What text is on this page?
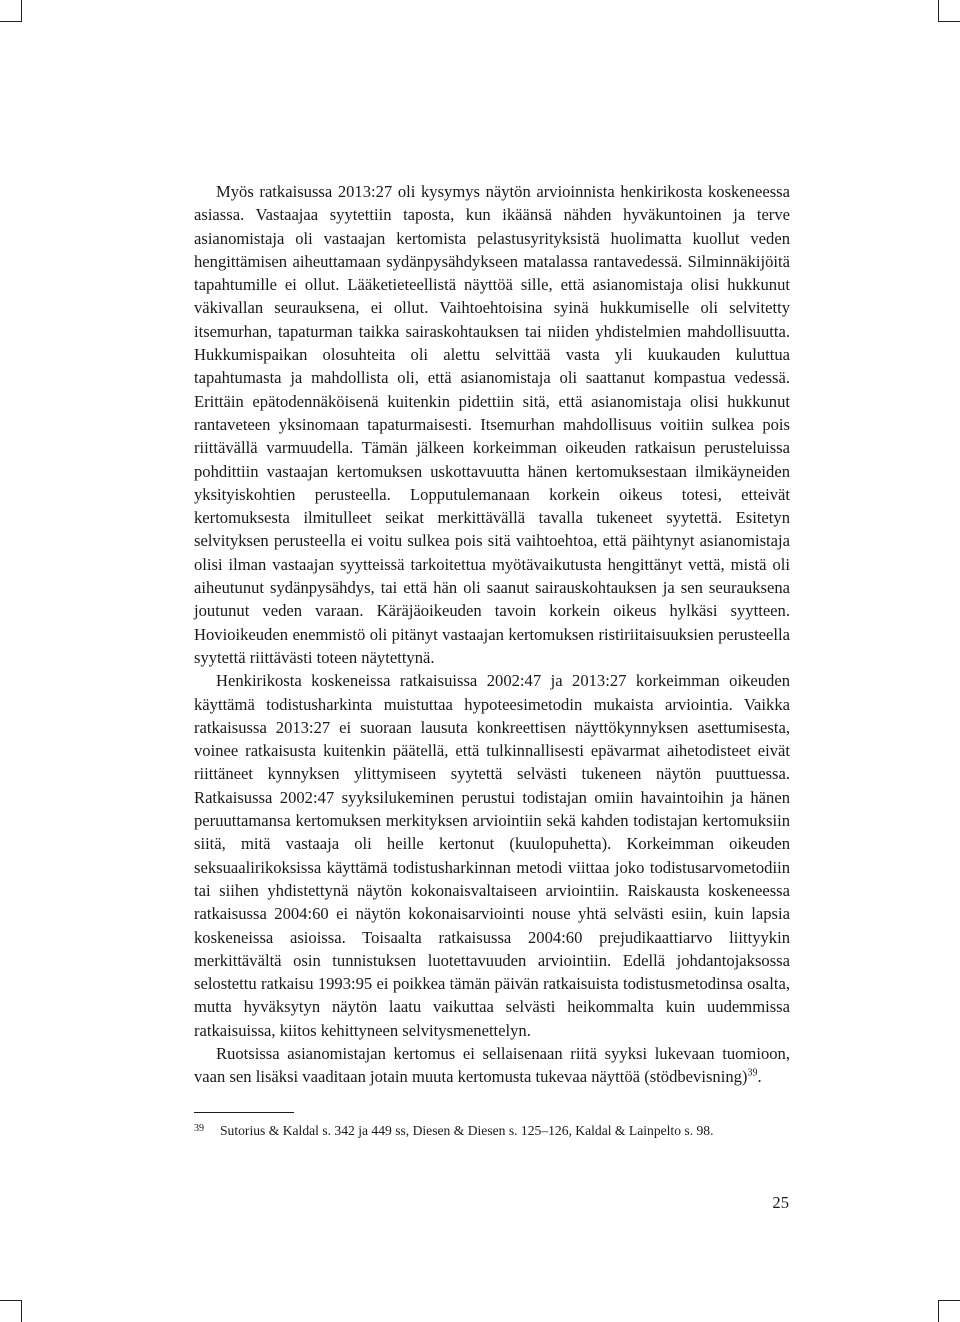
Myös ratkaisussa 2013:27 oli kysymys näytön arvioinnista henkirikosta koskeneessa asiassa. Vastaajaa syytettiin taposta, kun ikäänsä nähden hyväkuntoinen ja terve asianomistaja oli vastaajan kertomista pelastusyrityksistä huolimatta kuollut veden hengittämisen aiheuttamaan sydänpysähdykseen matalassa rantavedessä. Silminnäkijöitä tapahtumille ei ollut. Lääketieteellistä näyttöä sille, että asianomistaja olisi hukkunut väkivallan seurauksena, ei ollut. Vaihtoehtoisina syinä hukkumiselle oli selvitetty itsemurhan, tapaturman taikka sairaskohtauksen tai niiden yhdistelmien mahdollisuutta. Hukkumispaikan olosuhteita oli alettu selvittää vasta yli kuukauden kuluttua tapahtumasta ja mahdollista oli, että asianomistaja oli saattanut kompastua vedessä. Erittäin epätodennäköisenä kuitenkin pidettiin sitä, että asianomistaja olisi hukkunut rantaveteen yksinomaan tapaturmaisesti. Itsemurhan mahdollisuus voitiin sulkea pois riittävällä varmuudella. Tämän jälkeen korkeimman oikeuden ratkaisun perusteluissa pohdittiin vastaajan kertomuksen uskottavuutta hänen kertomuksestaan ilmikäyneiden yksityiskohtien perusteella. Lopputulemanaan korkein oikeus totesi, etteivät kertomuksesta ilmitulleet seikat merkittävällä tavalla tukeneet syytettä. Esitetyn selvityksen perusteella ei voitu sulkea pois sitä vaihtoehtoa, että päihtynyt asianomistaja olisi ilman vastaajan syytteissä tarkoitettua myötävaikutusta hengittänyt vettä, mistä oli aiheutunut sydänpysähdys, tai että hän oli saanut sairauskohtauksen ja sen seurauksena joutunut veden varaan. Käräjäoikeuden tavoin korkein oikeus hylkäsi syytteen. Hovioikeuden enemmistö oli pitänyt vastaajan kertomuksen ristiriitaisuuksien perusteella syytettä riittävästi toteen näytettynä.

Henkirikosta koskeneissa ratkaisuissa 2002:47 ja 2013:27 korkeimman oikeuden käyttämä todistusharkinta muistuttaa hypoteesimetodin mukaista arviointia. Vaikka ratkaisussa 2013:27 ei suoraan lausuta konkreettisen näyttökynnyksen asettumisesta, voinee ratkaisusta kuitenkin päätellä, että tulkinnallisesti epävarmat aihetodisteet eivät riittäneet kynnyksen ylittymiseen syytettä selvästi tukeneen näytön puuttuessa. Ratkaisussa 2002:47 syyksilukeminen perustui todistajan omiin havaintoihin ja hänen peruuttamansa kertomuksen merkityksen arviointiin sekä kahden todistajan kertomuksiin siitä, mitä vastaaja oli heille kertonut (kuulopuhetta). Korkeimman oikeuden seksuaalirikoksissa käyttämä todistusharkinnan metodi viittaa joko todistusarvometodiin tai siihen yhdistettynä näytön kokonaisvaltaiseen arviointiin. Raiskausta koskeneessa ratkaisussa 2004:60 ei näytön kokonaisarviointi nouse yhtä selvästi esiin, kuin lapsia koskeneissa asioissa. Toisaalta ratkaisussa 2004:60 prejudikaattiarvo liittyykin merkittävältä osin tunnistuksen luotettavuuden arviointiin. Edellä johdantojaksossa selostettu ratkaisu 1993:95 ei poikkea tämän päivän ratkaisuista todistusmetodinsa osalta, mutta hyväksytyn näytön laatu vaikuttaa selvästi heikommalta kuin uudemmissa ratkaisuissa, kiitos kehittyneen selvitysmenettelyn.

Ruotsissa asianomistajan kertomus ei sellaisenaan riitä syyksi lukevaan tuomioon, vaan sen lisäksi vaaditaan jotain muuta kertomusta tukevaa näyttöä (stödbevisning)$^{39}$.

39 Sutorius & Kaldal s. 342 ja 449 ss, Diesen & Diesen s. 125–126, Kaldal & Lainpelto s. 98.
25
